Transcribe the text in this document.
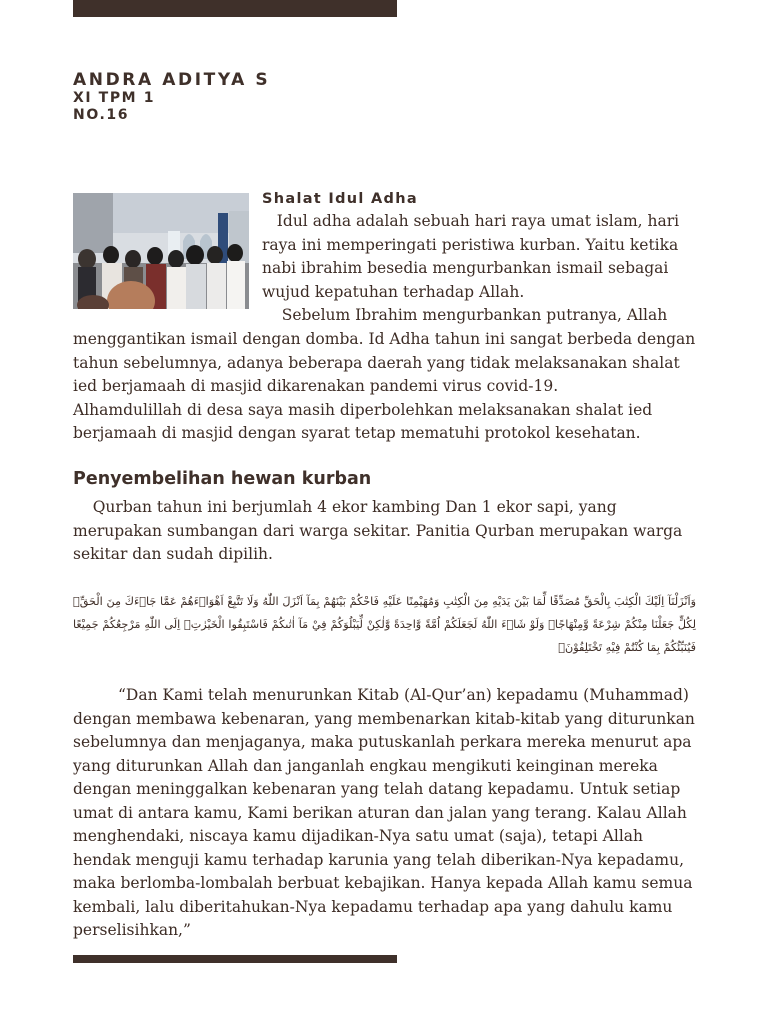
ANDRA ADITYA S
XI TPM 1
NO.16
Shalat Idul Adha
Idul adha adalah sebuah hari raya umat islam, hari raya ini memperingati peristiwa kurban. Yaitu ketika nabi ibrahim besedia mengurbankan ismail sebagai wujud kepatuhan terhadap Allah.
Sebelum Ibrahim mengurbankan putranya, Allah
menggantikan ismail dengan domba. Id Adha tahun ini sangat berbeda dengan tahun sebelumnya, adanya beberapa daerah yang tidak melaksanakan shalat ied berjamaah di masjid dikarenakan pandemi virus covid-19.
Alhamdulillah di desa saya masih diperbolehkan melaksanakan shalat ied berjamaah di masjid dengan syarat tetap mematuhi protokol kesehatan.
Penyembelihan hewan kurban
Qurban tahun ini berjumlah 4 ekor kambing Dan 1 ekor sapi, yang merupakan sumbangan dari warga sekitar. Panitia Qurban merupakan warga sekitar dan sudah dipilih.
وَاَنْزَلْنَآ اِلَيْكَ الْكِتٰبَ بِالْحَقِّ مُصَدِّقًا لِّمَا بَيْنَ يَدَيْهِ مِنَ الْكِتٰبِ وَمُهَيْمِنًا عَلَيْهِ فَاحْكُمْ بَيْنَهُمْ بِمَآ اَنْزَلَ اللّٰهُ وَلَا تَتَّبِعْ اَهْوَاۤءَهُمْ عَمَّا جَاۤءَكَ مِنَ الْحَقِّۗ لِكُلٍّ جَعَلْنَا مِنْكُمْ شِرْعَةً وَّمِنْهَاجًاۗ وَلَوْ شَاۤءَ اللّٰهُ لَجَعَلَكُمْ اُمَّةً وَّاحِدَةً وَّلٰكِنْ لِّيَبْلُوَكُمْ فِيْ مَآ اٰتٰىكُمْ فَاسْتَبِقُوا الْخَيْرٰتِۗ اِلَى اللّٰهِ مَرْجِعُكُمْ جَمِيْعًا فَيُنَبِّئُكُمْ بِمَا كُنْتُمْ فِيْهِ تَخْتَلِفُوْنَۙ

“Dan Kami telah menurunkan Kitab (Al-Qur’an) kepadamu (Muhammad) dengan membawa kebenaran, yang membenarkan kitab-kitab yang diturunkan sebelumnya dan menjaganya, maka putuskanlah perkara mereka menurut apa yang diturunkan Allah dan janganlah engkau mengikuti keinginan mereka dengan meninggalkan kebenaran yang telah datang kepadamu. Untuk setiap umat di antara kamu, Kami berikan aturan dan jalan yang terang. Kalau Allah menghendaki, niscaya kamu dijadikan-Nya satu umat (saja), tetapi Allah hendak menguji kamu terhadap karunia yang telah diberikan-Nya kepadamu, maka berlomba-lombalah berbuat kebajikan. Hanya kepada Allah kamu semua kembali, lalu diberitahukan-Nya kepadamu terhadap apa yang dahulu kamu perselisihkan,”
